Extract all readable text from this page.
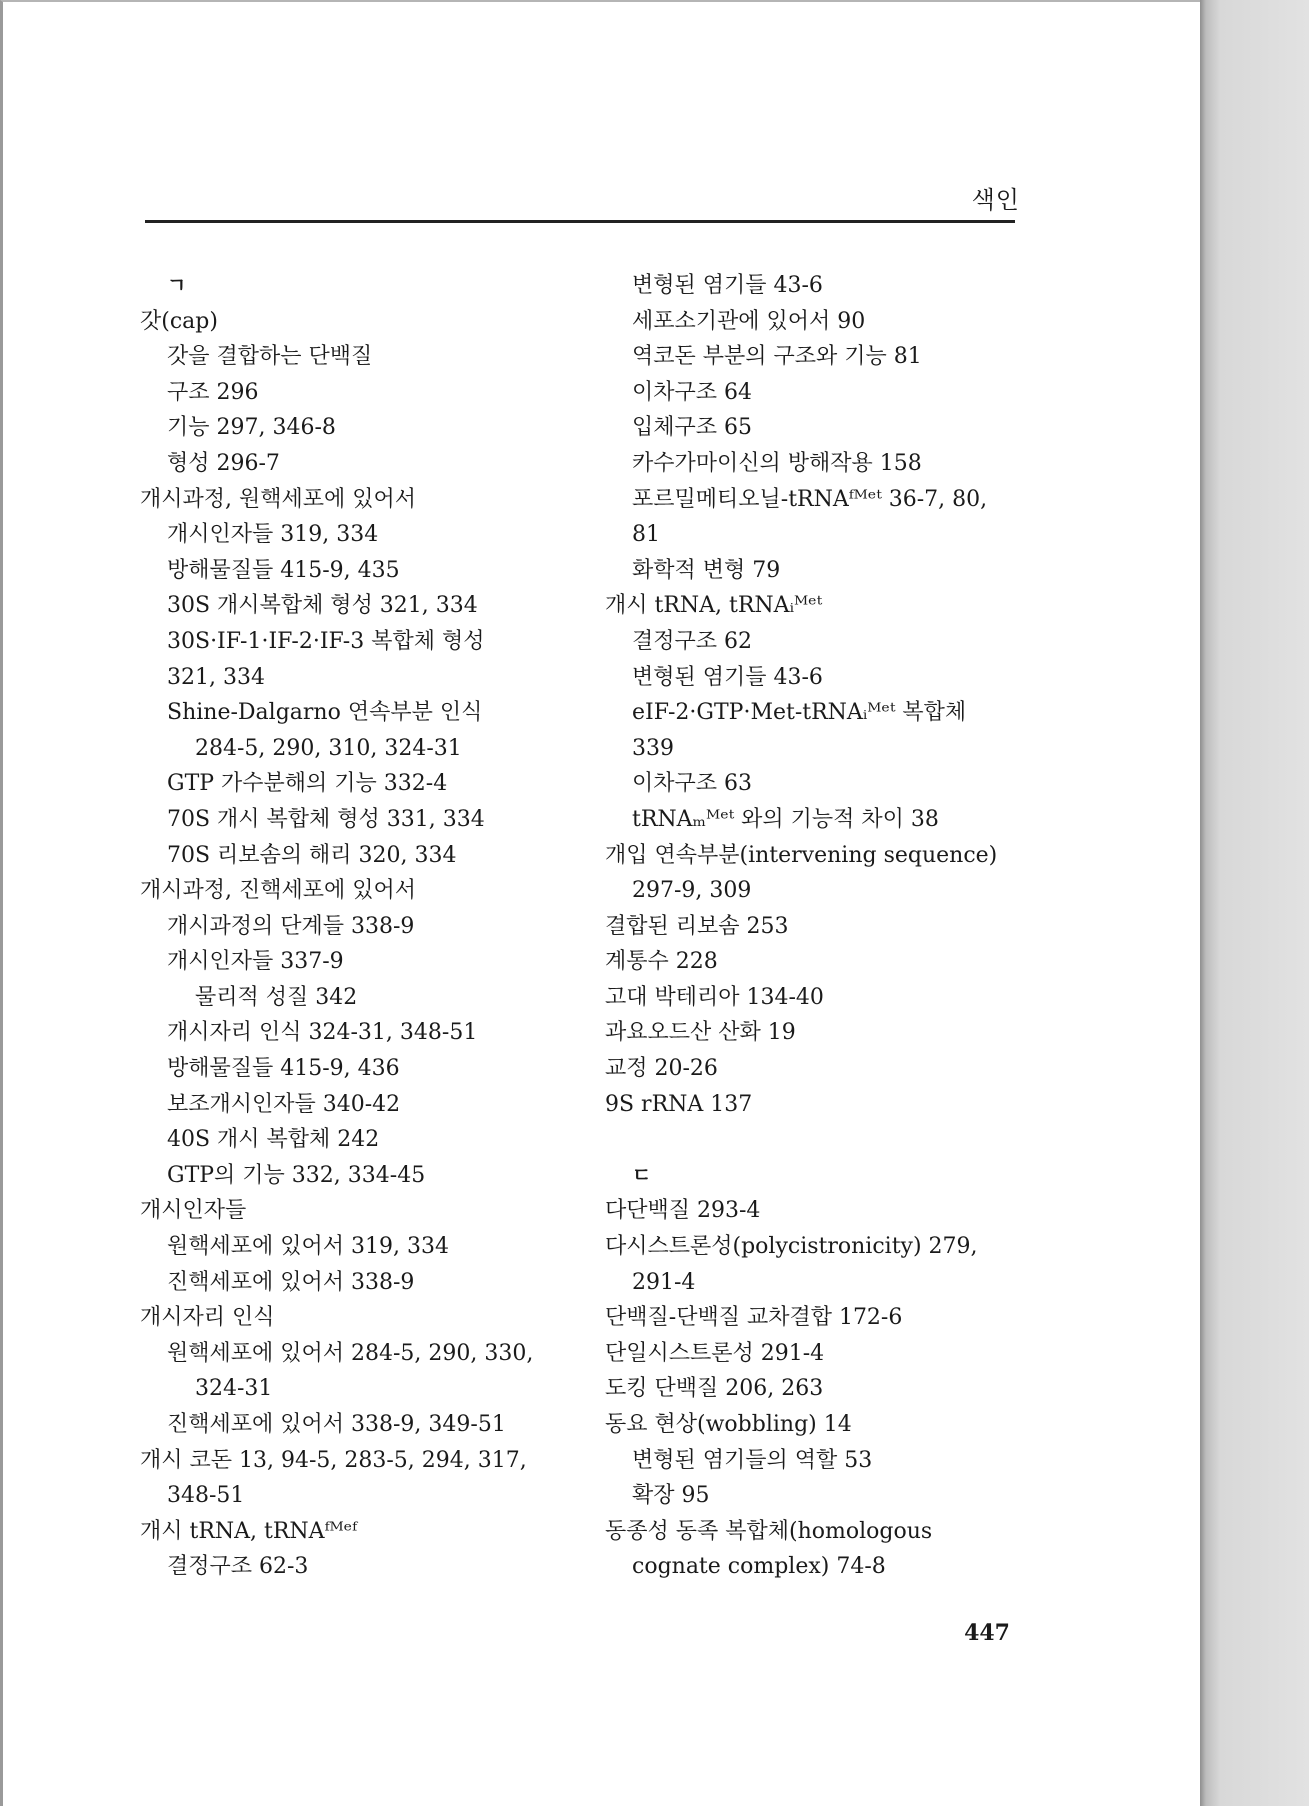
색인
ㄱ
갓(cap)
갓을 결합하는 단백질
구조 296
기능 297, 346-8
형성 296-7
개시과정, 원핵세포에 있어서
개시인자들 319, 334
방해물질들 415-9, 435
30S 개시복합체 형성 321, 334
30S·IF-1·IF-2·IF-3 복합체 형성
321, 334
Shine-Dalgarno 연속부분 인식
284-5, 290, 310, 324-31
GTP 가수분해의 기능 332-4
70S 개시 복합체 형성 331, 334
70S 리보솜의 해리 320, 334
개시과정, 진핵세포에 있어서
개시과정의 단계들 338-9
개시인자들 337-9
물리적 성질 342
개시자리 인식 324-31, 348-51
방해물질들 415-9, 436
보조개시인자들 340-42
40S 개시 복합체 242
GTP의 기능 332, 334-45
개시인자들
원핵세포에 있어서 319, 334
진핵세포에 있어서 338-9
개시자리 인식
원핵세포에 있어서 284-5, 290, 330,
324-31
진핵세포에 있어서 338-9, 349-51
개시 코돈 13, 94-5, 283-5, 294, 317,
348-51
개시 tRNA, tRNAᶠᴹᵉᶠ
결정구조 62-3
변형된 염기들 43-6
세포소기관에 있어서 90
역코돈 부분의 구조와 기능 81
이차구조 64
입체구조 65
카수가마이신의 방해작용 158
포르밀메티오닐-tRNAᶠᴹᵉᵗ 36-7, 80,
81
화학적 변형 79
개시 tRNA, tRNAᵢᴹᵉᵗ
결정구조 62
변형된 염기들 43-6
eIF-2·GTP·Met-tRNAᵢᴹᵉᵗ 복합체
339
이차구조 63
tRNAₘᴹᵉᵗ 와의 기능적 차이 38
개입 연속부분(intervening sequence)
297-9, 309
결합된 리보솜 253
계통수 228
고대 박테리아 134-40
과요오드산 산화 19
교정 20-26
9S rRNA 137
ㄷ
다단백질 293-4
다시스트론성(polycistronicity) 279,
291-4
단백질-단백질 교차결합 172-6
단일시스트론성 291-4
도킹 단백질 206, 263
동요 현상(wobbling) 14
변형된 염기들의 역할 53
확장 95
동종성 동족 복합체(homologous
cognate complex) 74-8
447
